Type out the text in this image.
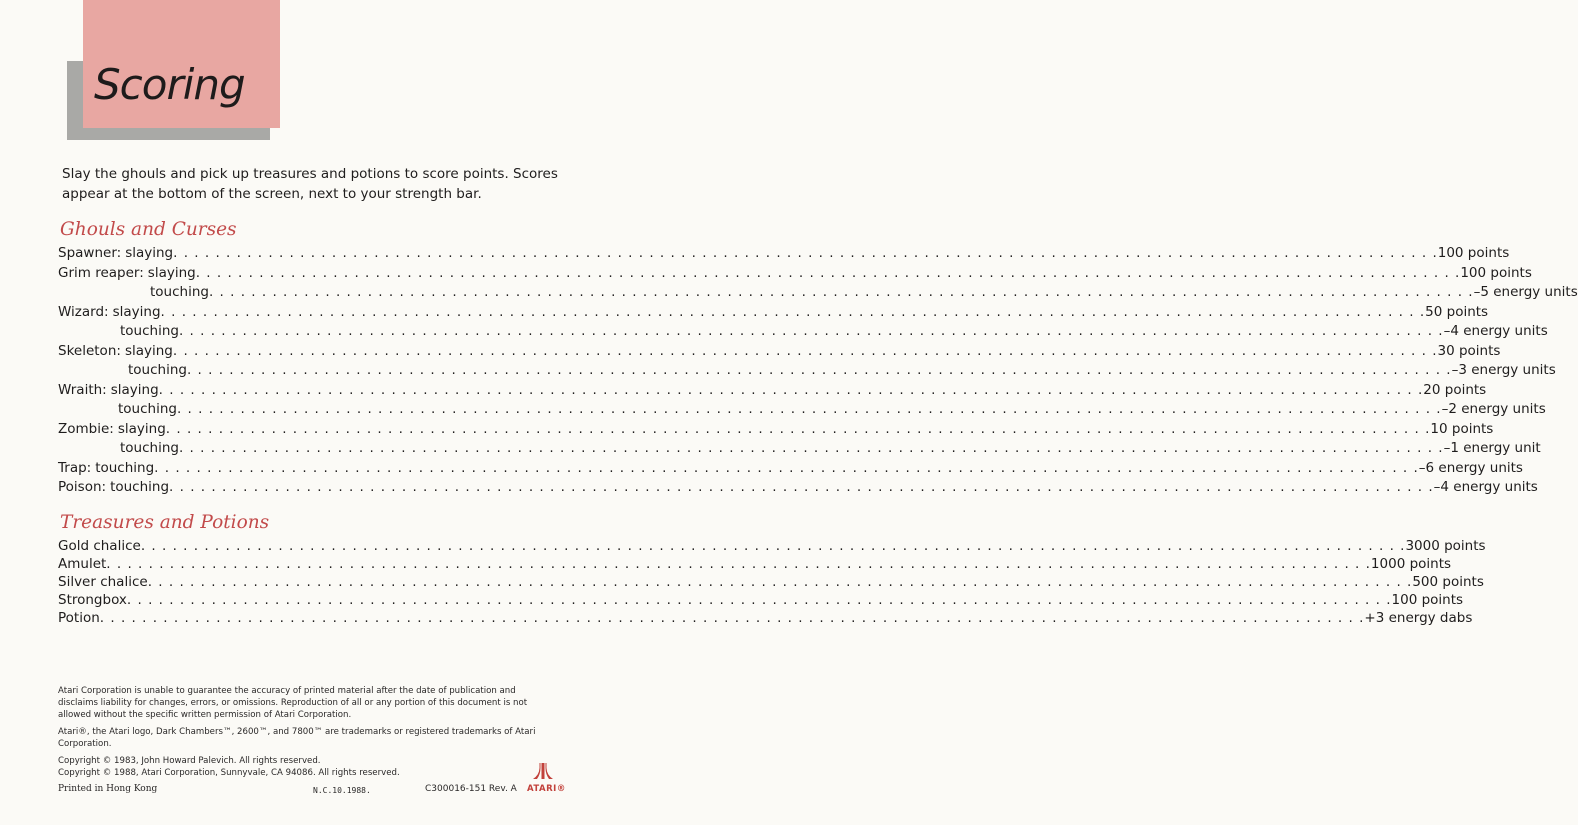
Scoring
Slay the ghouls and pick up treasures and potions to score points. Scores appear at the bottom of the screen, next to your strength bar.
Ghouls and Curses
Spawner: slaying . . . . . . . . . . . . . . . . . . . . . . . . . . . . . . . . . . . . . . . . . . . . . . . . . . . . . . . . . . . . . . . . . . . . . . . . . . . . . . . . . . . . . . . . . . . . . . . . . . . . . . . . . . . . . . . . . . . . . . . . 100 points
Grim reaper: slaying . . . . . . . . . . . . . . . . . . . . . . . . . . . . . . . . . . . . . . . . . . . . . . . . . . . . . . . . . . . . . . . . . . . . . . . . . . . . . . . . . . . . . . . . . . . . . . . . . . . . . . . . . . . . . . . . . . . . . . . . 100 points
touching . . . . . . . . . . . . . . . . . . . . . . . . . . . . . . . . . . . . . . . . . . . . . . . . . . . . . . . . . . . . . . . . . . . . . . . . . . . . . . . . . . . . . . . . . . . . . . . . . . . . . . . . . . . . . . . . . . . . . . . . –5 energy units
Wizard: slaying . . . . . . . . . . . . . . . . . . . . . . . . . . . . . . . . . . . . . . . . . . . . . . . . . . . . . . . . . . . . . . . . . . . . . . . . . . . . . . . . . . . . . . . . . . . . . . . . . . . . . . . . . . . . . . . . . . . . . . . . 50 points
touching . . . . . . . . . . . . . . . . . . . . . . . . . . . . . . . . . . . . . . . . . . . . . . . . . . . . . . . . . . . . . . . . . . . . . . . . . . . . . . . . . . . . . . . . . . . . . . . . . . . . . . . . . . . . . . . . . . . . . . . . –4 energy units
Skeleton: slaying . . . . . . . . . . . . . . . . . . . . . . . . . . . . . . . . . . . . . . . . . . . . . . . . . . . . . . . . . . . . . . . . . . . . . . . . . . . . . . . . . . . . . . . . . . . . . . . . . . . . . . . . . . . . . . . . . . . . . . . . 30 points
touching . . . . . . . . . . . . . . . . . . . . . . . . . . . . . . . . . . . . . . . . . . . . . . . . . . . . . . . . . . . . . . . . . . . . . . . . . . . . . . . . . . . . . . . . . . . . . . . . . . . . . . . . . . . . . . . . . . . . . . . . –3 energy units
Wraith: slaying . . . . . . . . . . . . . . . . . . . . . . . . . . . . . . . . . . . . . . . . . . . . . . . . . . . . . . . . . . . . . . . . . . . . . . . . . . . . . . . . . . . . . . . . . . . . . . . . . . . . . . . . . . . . . . . . . . . . . . . . 20 points
touching . . . . . . . . . . . . . . . . . . . . . . . . . . . . . . . . . . . . . . . . . . . . . . . . . . . . . . . . . . . . . . . . . . . . . . . . . . . . . . . . . . . . . . . . . . . . . . . . . . . . . . . . . . . . . . . . . . . . . . . . –2 energy units
Zombie: slaying . . . . . . . . . . . . . . . . . . . . . . . . . . . . . . . . . . . . . . . . . . . . . . . . . . . . . . . . . . . . . . . . . . . . . . . . . . . . . . . . . . . . . . . . . . . . . . . . . . . . . . . . . . . . . . . . . . . . . . . . 10 points
touching . . . . . . . . . . . . . . . . . . . . . . . . . . . . . . . . . . . . . . . . . . . . . . . . . . . . . . . . . . . . . . . . . . . . . . . . . . . . . . . . . . . . . . . . . . . . . . . . . . . . . . . . . . . . . . . . . . . . . . . . –1 energy unit
Trap: touching . . . . . . . . . . . . . . . . . . . . . . . . . . . . . . . . . . . . . . . . . . . . . . . . . . . . . . . . . . . . . . . . . . . . . . . . . . . . . . . . . . . . . . . . . . . . . . . . . . . . . . . . . . . . . . . . . . . . . . . . –6 energy units
Poison: touching . . . . . . . . . . . . . . . . . . . . . . . . . . . . . . . . . . . . . . . . . . . . . . . . . . . . . . . . . . . . . . . . . . . . . . . . . . . . . . . . . . . . . . . . . . . . . . . . . . . . . . . . . . . . . . . . . . . . . . . . –4 energy units
Treasures and Potions
Gold chalice . . . . . . . . . . . . . . . . . . . . . . . . . . . . . . . . . . . . . . . . . . . . . . . . . . . . . . . . . . . . . . . . . . . . . . . . . . . . . . . . . . . . . . . . . . . . . . . . . . . . . . . . . . . . . . . . . . . . . . . . 3000 points
Amulet . . . . . . . . . . . . . . . . . . . . . . . . . . . . . . . . . . . . . . . . . . . . . . . . . . . . . . . . . . . . . . . . . . . . . . . . . . . . . . . . . . . . . . . . . . . . . . . . . . . . . . . . . . . . . . . . . . . . . . . . 1000 points
Silver chalice . . . . . . . . . . . . . . . . . . . . . . . . . . . . . . . . . . . . . . . . . . . . . . . . . . . . . . . . . . . . . . . . . . . . . . . . . . . . . . . . . . . . . . . . . . . . . . . . . . . . . . . . . . . . . . . . . . . . . . . . 500 points
Strongbox . . . . . . . . . . . . . . . . . . . . . . . . . . . . . . . . . . . . . . . . . . . . . . . . . . . . . . . . . . . . . . . . . . . . . . . . . . . . . . . . . . . . . . . . . . . . . . . . . . . . . . . . . . . . . . . . . . . . . . . . 100 points
Potion . . . . . . . . . . . . . . . . . . . . . . . . . . . . . . . . . . . . . . . . . . . . . . . . . . . . . . . . . . . . . . . . . . . . . . . . . . . . . . . . . . . . . . . . . . . . . . . . . . . . . . . . . . . . . . . . . . . . . . . . +3 energy dabs
Atari Corporation is unable to guarantee the accuracy of printed material after the date of publication and disclaims liability for changes, errors, or omissions. Reproduction of all or any portion of this document is not allowed without the specific written permission of Atari Corporation.
Atari®, the Atari logo, Dark Chambers™, 2600™, and 7800™ are trademarks or registered trademarks of Atari Corporation.
Copyright © 1983, John Howard Palevich. All rights reserved.
Copyright © 1988, Atari Corporation, Sunnyvale, CA 94086. All rights reserved.
Printed in Hong Kong	N.C.10.1988.	C300016-151 Rev. A ATARI®
